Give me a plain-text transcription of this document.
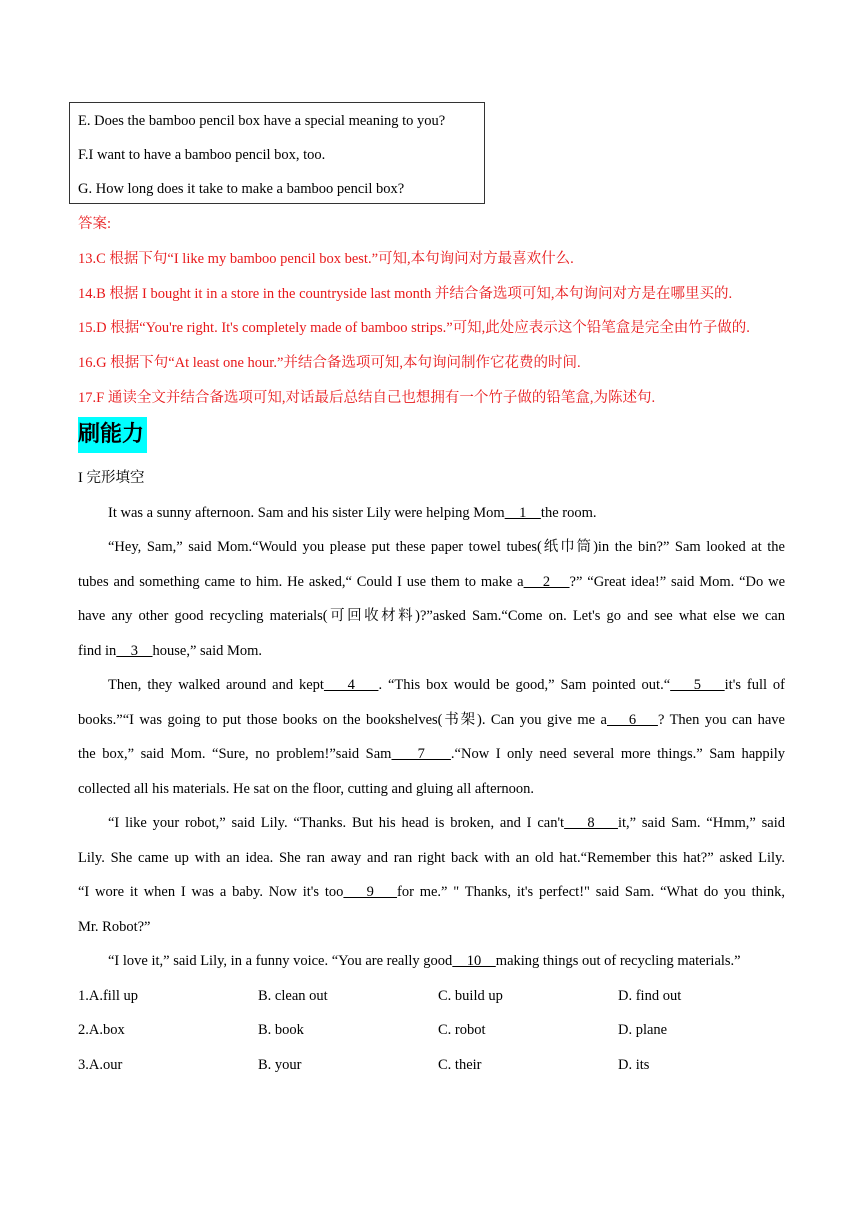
E. Does the bamboo pencil box have a special meaning to you?
F.I want to have a bamboo pencil box, too.
G. How long does it take to make a bamboo pencil box?
答案:
13.C 根据下句“I like my bamboo pencil box best.”可知,本句询问对方最喜欢什么.
14.B 根据 I bought it in a store in the countryside last month 并结合备选项可知,本句询问对方是在哪里买的.
15.D 根据“You're right. It's completely made of bamboo strips.”可知,此处应表示这个铅笔盒是完全由竹子做的.
16.G 根据下句“At least one hour.”并结合备选项可知,本句询问制作它花费的时间.
17.F 通读全文并结合备选项可知,对话最后总结自己也想拥有一个竹子做的铅笔盒,为陈述句.
刷能力
I 完形填空
It was a sunny afternoon. Sam and his sister Lily were helping Mom    1    the room.
“Hey, Sam,” said Mom.“Would you please put these paper towel tubes(纸巾筒)in the bin?” Sam looked at the
tubes and something came to him. He asked,“ Could I use them to make a    2    ?” “Great idea!” said Mom. “Do we
have any other good recycling materials(可回收材料)?”asked Sam.“Come on. Let's go and see what else we can
find in    3    house,” said Mom.
Then, they walked around and kept    4    . “This box would be good,” Sam pointed out.“    5    it's full of
books.”“I was going to put those books on the bookshelves(书架). Can you give me a    6    ? Then you can have
the box,” said Mom. “Sure, no problem!”said Sam    7    .“Now I only need several more things.” Sam happily
collected all his materials. He sat on the floor, cutting and gluing all afternoon.
“I like your robot,” said Lily. “Thanks. But his head is broken, and I can't    8    it,” said Sam. “Hmm,” said
Lily. She came up with an idea. She ran away and ran right back with an old hat.“Remember this hat?” asked Lily.
“I wore it when I was a baby. Now it's too    9    for me.” " Thanks, it's perfect!" said Sam. “What do you think,
Mr. Robot?”
“I love it,” said Lily, in a funny voice. “You are really good    10    making things out of recycling materials.”
1.A.fill up	B. clean out	C. build up	D. find out
2.A.box	B. book	C. robot	D. plane
3.A.our	B. your	C. their	D. its
